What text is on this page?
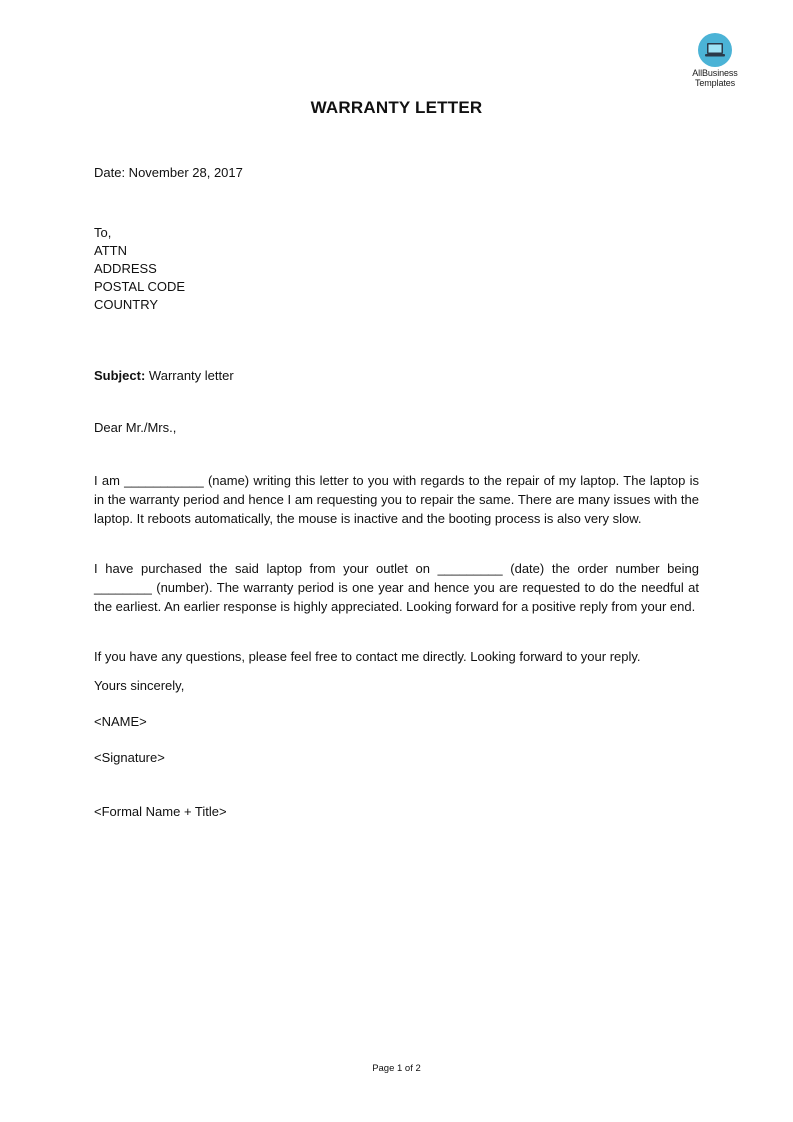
AllBusiness
Templates
WARRANTY LETTER
Date: November 28, 2017
To,
ATTN
ADDRESS
POSTAL CODE
COUNTRY
Subject: Warranty letter
Dear Mr./Mrs.,
I am ___________ (name) writing this letter to you with regards to the repair of my laptop. The laptop is in the warranty period and hence I am requesting you to repair the same. There are many issues with the laptop. It reboots automatically, the mouse is inactive and the booting process is also very slow.
I have purchased the said laptop from your outlet on _________ (date) the order number being ________ (number). The warranty period is one year and hence you are requested to do the needful at the earliest. An earlier response is highly appreciated. Looking forward for a positive reply from your end.
If you have any questions, please feel free to contact me directly. Looking forward to your reply.
Yours sincerely,
<NAME>
<Signature>
<Formal Name + Title>
Page 1 of 2
